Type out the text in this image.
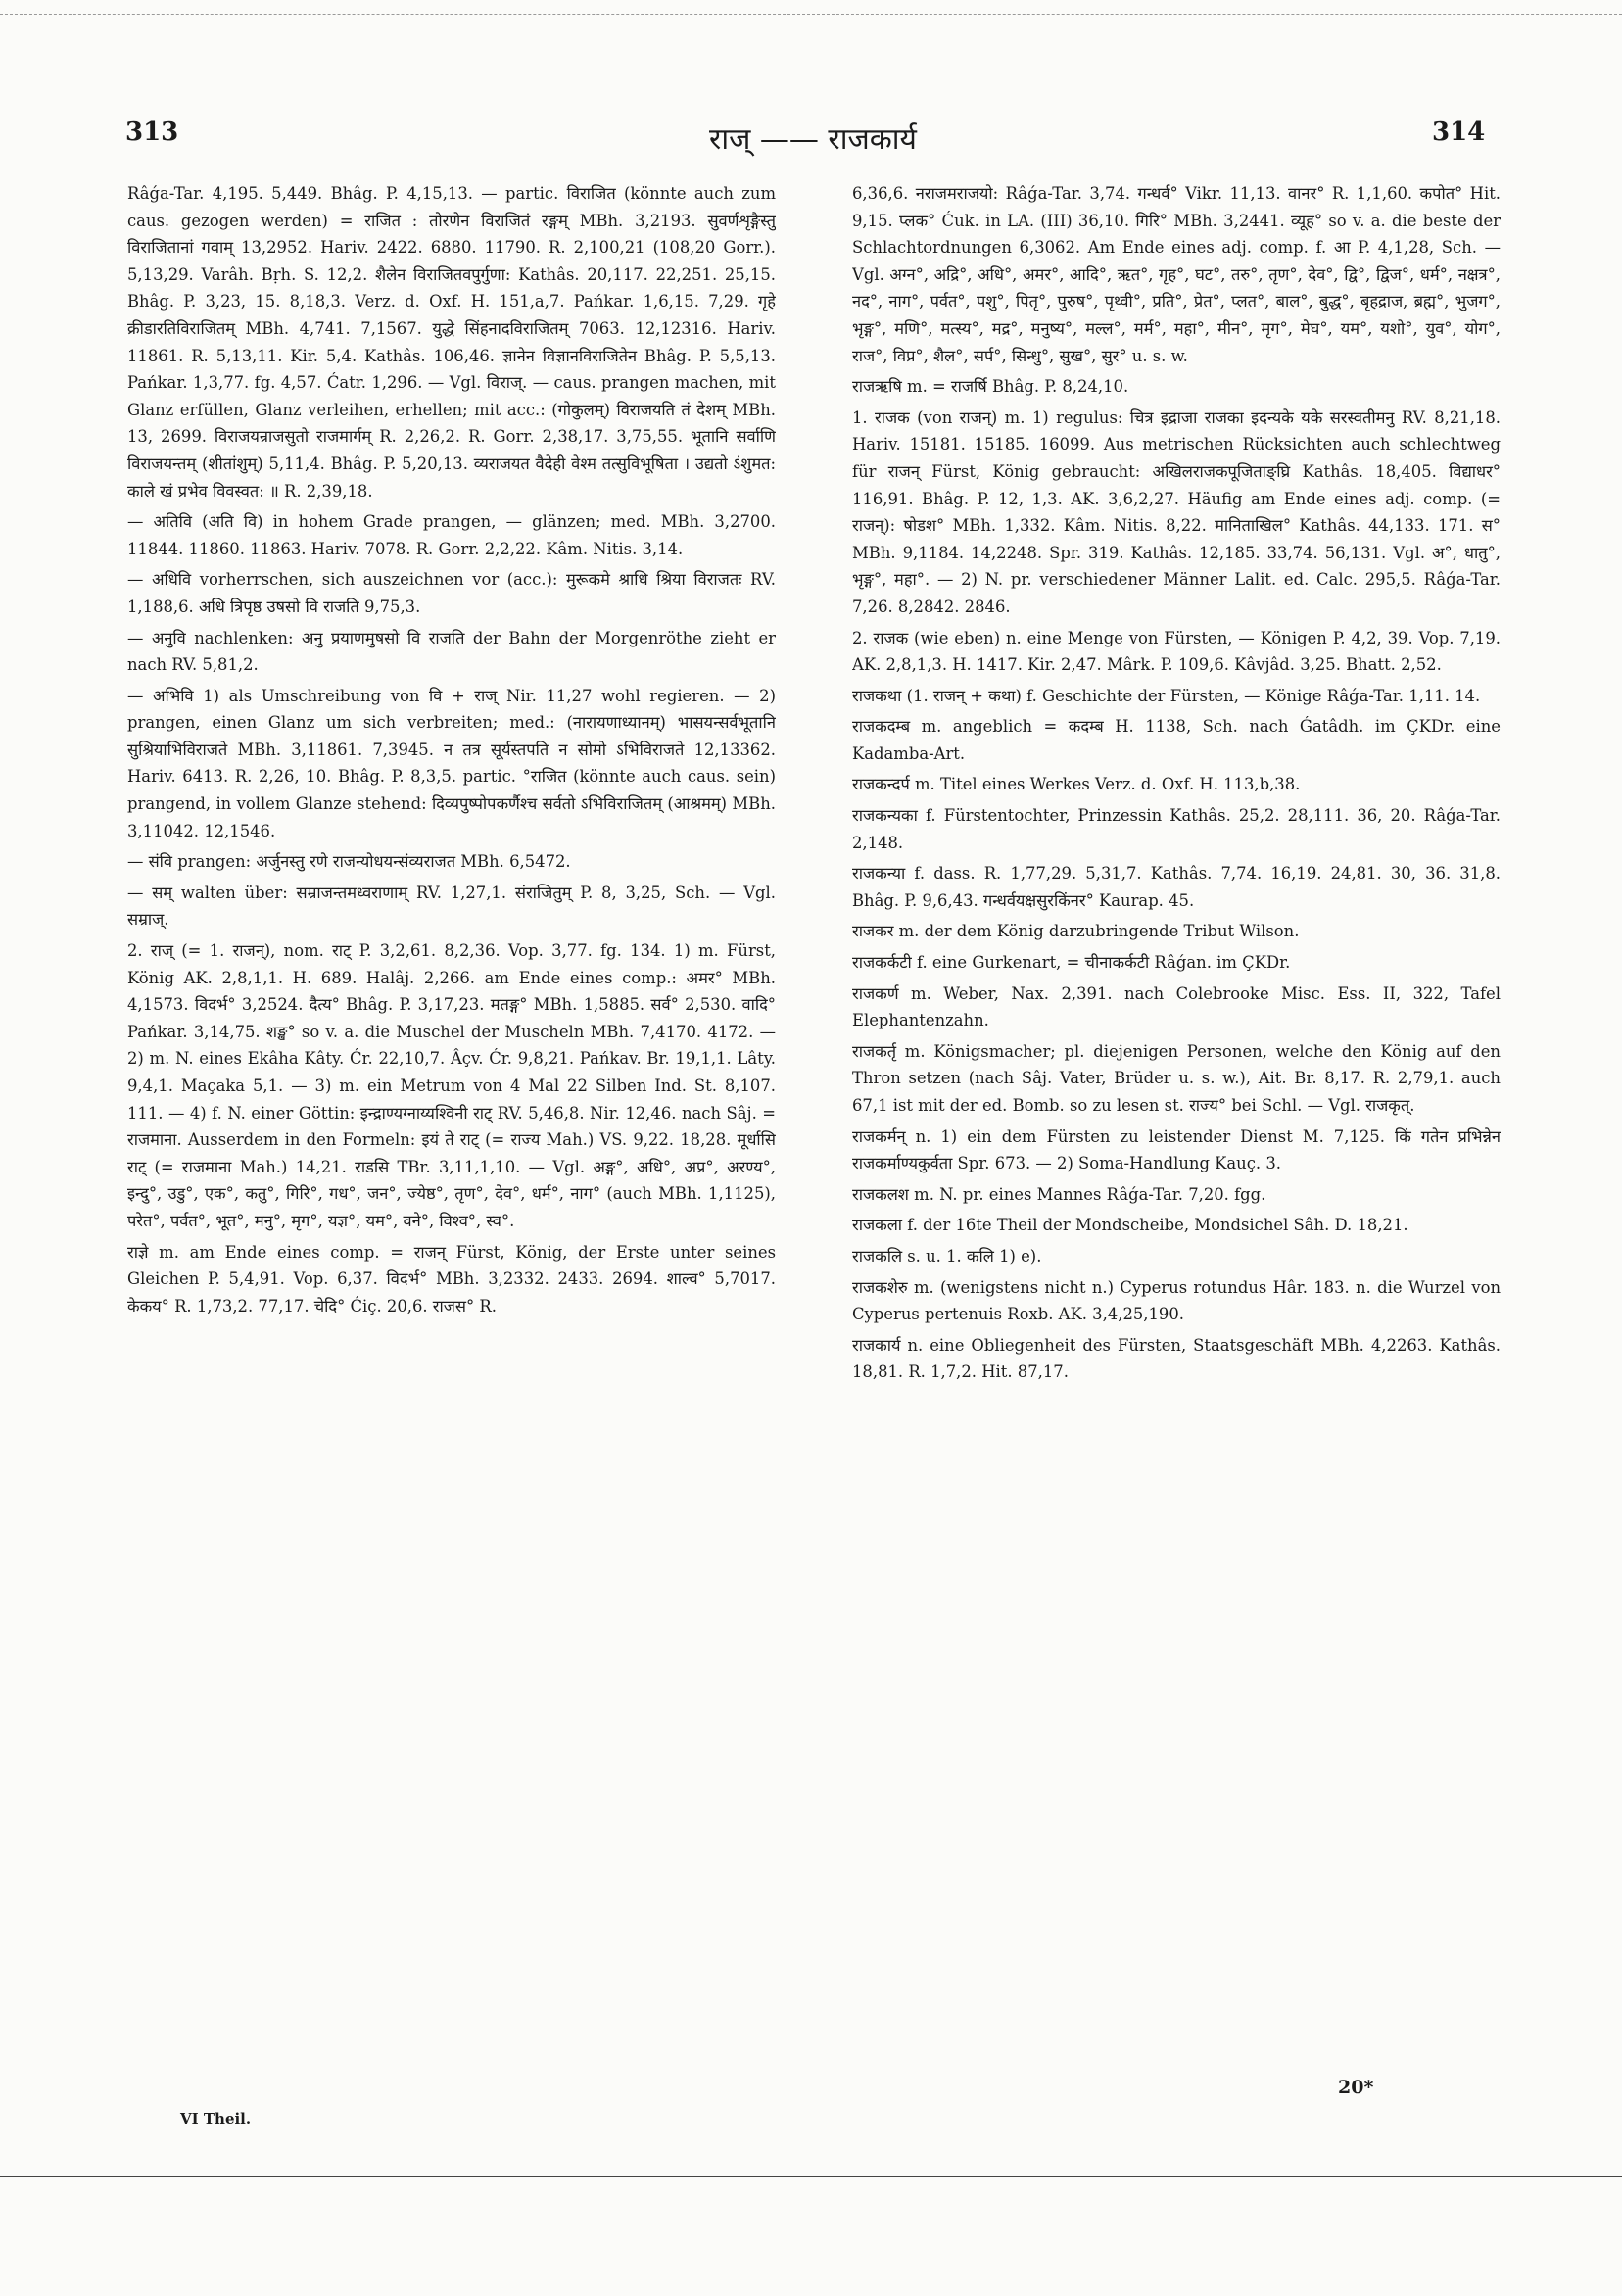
313	राज् —— राजकार्य	314

Râǵa-Tar. 4,195. 5,449. Bhâg. P. 4,15,13. — partic. विराजित (könnte auch zum caus. gezogen werden) = राजित : तोरणेन विराजितं रङ्गम् MBh. 3,2193. सुवर्णशृङ्गैस्तु विराजितानां गवाम् 13,2952. Hariv. 2422. 6880. 11790. R. 2,100,21 (108,20 Gorr.). 5,13,29. Varâh. Bṛh. S. 12,2. शैलेन विराजितवपुर्गुणा: Kathâs. 20,117. 22,251. 25,15. Bhâg. P. 3,23, 15. 8,18,3. Verz. d. Oxf. H. 151,a,7. Pańkar. 1,6,15. 7,29. गृहे क्रीडारतिविराजितम् MBh. 4,741. 7,1567. युद्धे सिंहनादविराजितम् 7063. 12,12316. Hariv. 11861. R. 5,13,11. Kir. 5,4. Kathâs. 106,46. ज्ञानेन विज्ञानविराजितेन Bhâg. P. 5,5,13. Pańkar. 1,3,77. fg. 4,57. Ćatr. 1,296. — Vgl. विराज्. — caus. prangen machen, mit Glanz erfüllen, Glanz verleihen, erhellen; mit acc.: (गोकुलम्) विराजयति तं देशम् MBh. 13, 2699. विराजयन्राजसुतो राजमार्गम् R. 2,26,2. R. Gorr. 2,38,17. 3,75,55. भूतानि सर्वाणि विराजयन्तम् (शीतांशुम्) 5,11,4. Bhâg. P. 5,20,13. व्यराजयत वैदेही वेश्म तत्सुविभूषिता । उद्यतो ऽंशुमत: काले खं प्रभेव विवस्वत: ॥ R. 2,39,18.

— अतिवि (अति वि) in hohem Grade prangen, — glänzen; med. MBh. 3,2700. 11844. 11860. 11863. Hariv. 7078. R. Gorr. 2,2,22. Kâm. Nitis. 3,14.

— अधिवि vorherrschen, sich auszeichnen vor (acc.): मुरूकमे श्राधि श्रिया विराजतः RV. 1,188,6. अधि त्रिपृष्ठ उषसो वि राजति 9,75,3.

— अनुवि nachlenken: अनु प्रयाणमुषसो वि राजति der Bahn der Morgenröthe zieht er nach RV. 5,81,2.

— अभिवि 1) als Umschreibung von वि + राज् Nir. 11,27 wohl regieren. — 2) prangen, einen Glanz um sich verbreiten; med.: (नारायणाध्यानम्) भासयन्सर्वभूतानि सुश्रियाभिविराजते MBh. 3,11861. 7,3945. न तत्र सूर्यस्तपति न सोमो ऽभिविराजते 12,13362. Hariv. 6413. R. 2,26, 10. Bhâg. P. 8,3,5. partic. °राजित (könnte auch caus. sein) prangend, in vollem Glanze stehend: दिव्यपुष्पोपकर्णैश्च सर्वतो ऽभिविराजितम् (आश्रमम्) MBh. 3,11042. 12,1546.

— संवि prangen: अर्जुनस्तु रणे राजन्योधयन्संव्यराजत MBh. 6,5472.

— सम् walten über: सम्राजन्तमध्वराणाम् RV. 1,27,1. संराजितुम् P. 8, 3,25, Sch. — Vgl. सम्राज्.

2. राज् (= 1. राजन्), nom. राट् P. 3,2,61. 8,2,36. Vop. 3,77. fg. 134. 1) m. Fürst, König AK. 2,8,1,1. H. 689. Halâj. 2,266. am Ende eines comp.: अमर° MBh. 4,1573. विदर्भ° 3,2524. दैत्य° Bhâg. P. 3,17,23. मतङ्ग° MBh. 1,5885. सर्व° 2,530. वादि° Pańkar. 3,14,75. शङ्ख° so v. a. die Muschel der Muscheln MBh. 7,4170. 4172. — 2) m. N. eines Ekâha Kâty. Ćr. 22,10,7. Âçv. Ćr. 9,8,21. Pańkav. Br. 19,1,1. Lâty. 9,4,1. Maçaka 5,1. — 3) m. ein Metrum von 4 Mal 22 Silben Ind. St. 8,107. 111. — 4) f. N. einer Göttin: इन्द्राण्यग्नाय्यश्विनी राट् RV. 5,46,8. Nir. 12,46. nach Sâj. = राजमाना. Ausserdem in den Formeln: इयं ते राट् (= राज्य Mah.) VS. 9,22. 18,28. मूर्धासि राट् (= राजमाना Mah.) 14,21. राडसि TBr. 3,11,1,10. — Vgl. अङ्ग°, अधि°, अप्र°, अरण्य°, इन्दु°, उडु°, एक°, कतु°, गिरि°, गध°, जन°, ज्येष्ठ°, तृण°, देव°, धर्म°, नाग° (auch MBh. 1,1125), परेत°, पर्वत°, भूत°, मनु°, मृग°, यज्ञ°, यम°, वने°, विश्व°, स्व°.

राज्ञे m. am Ende eines comp. = राजन् Fürst, König, der Erste unter seines Gleichen P. 5,4,91. Vop. 6,37. विदर्भ° MBh. 3,2332. 2433. 2694. शाल्व° 5,7017. केकय° R. 1,73,2. 77,17. चेदि° Ćiç. 20,6. राजस° R.

6,36,6. नराजमराजयो: Râǵa-Tar. 3,74. गन्धर्व° Vikr. 11,13. वानर° R. 1,1,60. कपोत° Hit. 9,15. प्लक° Ćuk. in LA. (III) 36,10. गिरि° MBh. 3,2441. व्यूह° so v. a. die beste der Schlachtordnungen 6,3062. Am Ende eines adj. comp. f. आ P. 4,1,28, Sch. — Vgl. अग्न°, अद्रि°, अधि°, अमर°, आदि°, ऋत°, गृह°, घट°, तरु°, तृण°, देव°, द्वि°, द्विज°, धर्म°, नक्षत्र°, नद°, नाग°, पर्वत°, पशु°, पितृ°, पुरुष°, पृथ्वी°, प्रति°, प्रेत°, प्लत°, बाल°, बुद्ध°, बृहद्राज, ब्रह्म°, भुजग°, भृङ्ग°, मणि°, मत्स्य°, मद्र°, मनुष्य°, मल्ल°, मर्म°, महा°, मीन°, मृग°, मेघ°, यम°, यशो°, युव°, योग°, राज°, विप्र°, शैल°, सर्प°, सिन्धु°, सुख°, सुर° u. s. w.

राजऋषि m. = राजर्षि Bhâg. P. 8,24,10.

1. राजक (von राजन्) m. 1) regulus: चित्र इद्राजा राजका इदन्यके यके सरस्वतीमनु RV. 8,21,18. Hariv. 15181. 15185. 16099. Aus metrischen Rücksichten auch schlechtweg für राजन् Fürst, König gebraucht: अखिलराजकपूजिताङ्घ्रि Kathâs. 18,405. विद्याधर° 116,91. Bhâg. P. 12, 1,3. AK. 3,6,2,27. Häufig am Ende eines adj. comp. (= राजन्): षोडश° MBh. 1,332. Kâm. Nitis. 8,22. मानिताखिल° Kathâs. 44,133. 171. स° MBh. 9,1184. 14,2248. Spr. 319. Kathâs. 12,185. 33,74. 56,131. Vgl. अ°, धातु°, भृङ्ग°, महा°. — 2) N. pr. verschiedener Männer Lalit. ed. Calc. 295,5. Râǵa-Tar. 7,26. 8,2842. 2846.

2. राजक (wie eben) n. eine Menge von Fürsten, — Königen P. 4,2, 39. Vop. 7,19. AK. 2,8,1,3. H. 1417. Kir. 2,47. Mârk. P. 109,6. Kâvjâd. 3,25. Bhatt. 2,52.

राजकथा (1. राजन् + कथा) f. Geschichte der Fürsten, — Könige Râǵa-Tar. 1,11. 14.

राजकदम्ब m. angeblich = कदम्ब H. 1138, Sch. nach Ǵatâdh. im ÇKDr. eine Kadamba-Art.

राजकन्दर्प m. Titel eines Werkes Verz. d. Oxf. H. 113,b,38.

राजकन्यका f. Fürstentochter, Prinzessin Kathâs. 25,2. 28,111. 36, 20. Râǵa-Tar. 2,148.

राजकन्या f. dass. R. 1,77,29. 5,31,7. Kathâs. 7,74. 16,19. 24,81. 30, 36. 31,8. Bhâg. P. 9,6,43. गन्धर्वयक्षसुरकिंनर° Kaurap. 45.

राजकर m. der dem König darzubringende Tribut Wilson.

राजकर्कटी f. eine Gurkenart, = चीनाकर्कटी Râǵan. im ÇKDr.

राजकर्ण m. Weber, Nax. 2,391. nach Colebrooke Misc. Ess. II, 322, Tafel Elephantenzahn.

राजकर्तृ m. Königsmacher; pl. diejenigen Personen, welche den König auf den Thron setzen (nach Sâj. Vater, Brüder u. s. w.), Ait. Br. 8,17. R. 2,79,1. auch 67,1 ist mit der ed. Bomb. so zu lesen st. राज्य° bei Schl. — Vgl. राजकृत्.

राजकर्मन् n. 1) ein dem Fürsten zu leistender Dienst M. 7,125. किं गतेन प्रभिन्नेन राजकर्माण्यकुर्वता Spr. 673. — 2) Soma-Handlung Kauç. 3.

राजकलश m. N. pr. eines Mannes Râǵa-Tar. 7,20. fgg.

राजकला f. der 16te Theil der Mondscheibe, Mondsichel Sâh. D. 18,21.

राजकलि s. u. 1. कलि 1) e).

राजकशेरु m. (wenigstens nicht n.) Cyperus rotundus Hâr. 183. n. die Wurzel von Cyperus pertenuis Roxb. AK. 3,4,25,190.

राजकार्य n. eine Obliegenheit des Fürsten, Staatsgeschäft MBh. 4,2263. Kathâs. 18,81. R. 1,7,2. Hit. 87,17.

VI Theil.
20*
